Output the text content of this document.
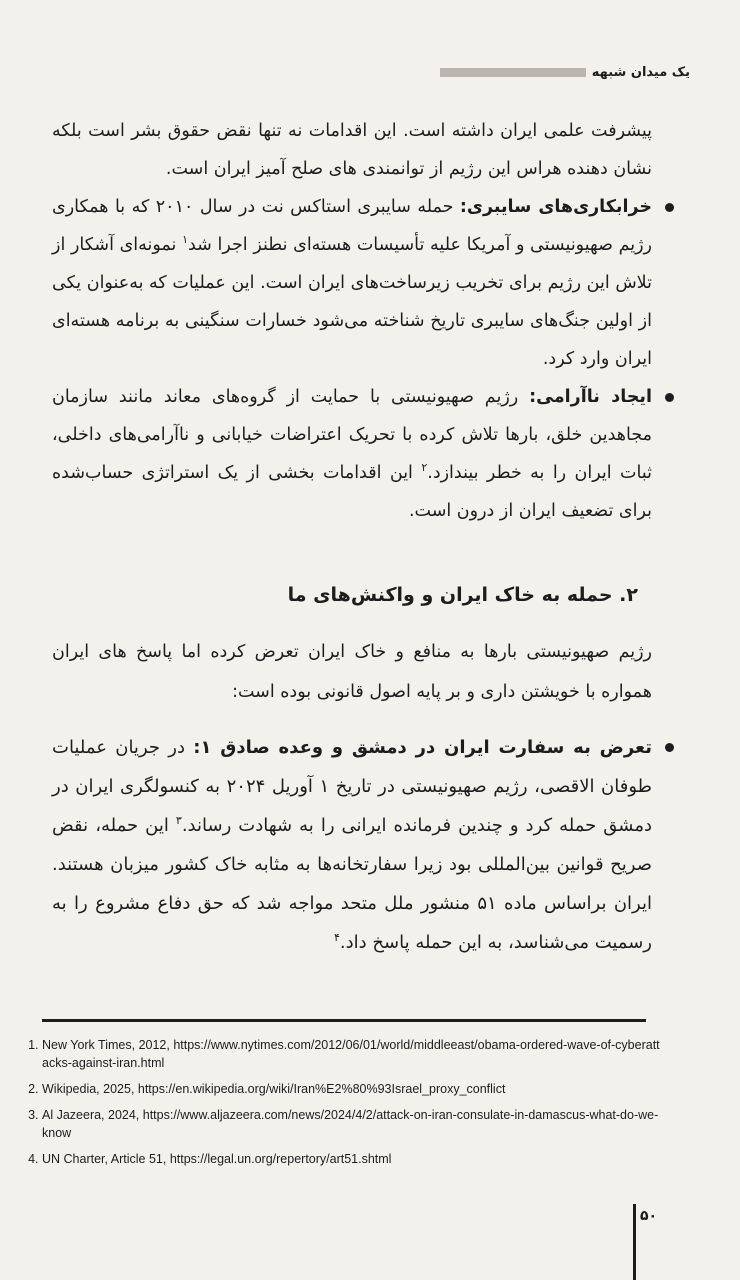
یک میدان شبهه

پیشرفت علمی ایران داشته است. این اقدامات نه تنها نقض حقوق بشر است بلکه نشان دهنده هراس این رژیم از توانمندی های صلح آمیز ایران است.

خرابکاری‌های سایبری: حمله سایبری استاکس نت در سال ۲۰۱۰ که با همکاری رژیم صهیونیستی و آمریکا علیه تأسیسات هسته‌ای نطنز اجرا شد$^۱$ نمونه‌ای آشکار از تلاش این رژیم برای تخریب زیرساخت‌های ایران است. این عملیات که به‌عنوان یکی از اولین جنگ‌های سایبری تاریخ شناخته می‌شود خسارات سنگینی به برنامه هسته‌ای ایران وارد کرد.

ایجاد ناآرامی: رژیم صهیونیستی با حمایت از گروه‌های معاند مانند سازمان مجاهدین خلق، بارها تلاش کرده با تحریک اعتراضات خیابانی و ناآرامی‌های داخلی، ثبات ایران را به خطر بیندازد.$^۲$ این اقدامات بخشی از یک استراتژی حساب‌شده برای تضعیف ایران از درون است.

۲. حمله به خاک ایران و واکنش‌های ما

رژیم صهیونیستی بارها به منافع و خاک ایران تعرض کرده اما پاسخ های ایران همواره با خویشتن داری و بر پایه اصول قانونی بوده است:

تعرض به سفارت ایران در دمشق و وعده صادق ۱: در جریان عملیات طوفان الاقصی، رژیم صهیونیستی در تاریخ ۱ آوریل ۲۰۲۴ به کنسولگری ایران در دمشق حمله کرد و چندین فرمانده ایرانی را به شهادت رساند.$^۳$ این حمله، نقض صریح قوانین بین‌المللی بود زیرا سفارتخانه‌ها به مثابه خاک کشور میزبان هستند. ایران براساس ماده ۵۱ منشور ملل متحد مواجه شد که حق دفاع مشروع را به رسمیت می‌شناسد، به این حمله پاسخ داد.$^۴$

1. New York Times, 2012, https://www.nytimes.com/2012/06/01/world/middleeast/obama-ordered-wave-of-cyberattacks-against-iran.html
2. Wikipedia, 2025, https://en.wikipedia.org/wiki/Iran%E2%80%93Israel_proxy_conflict
3. Al Jazeera, 2024, https://www.aljazeera.com/news/2024/4/2/attack-on-iran-consulate-in-damascus-what-do-we-know
4. UN Charter, Article 51, https://legal.un.org/repertory/art51.shtml
۵۰
